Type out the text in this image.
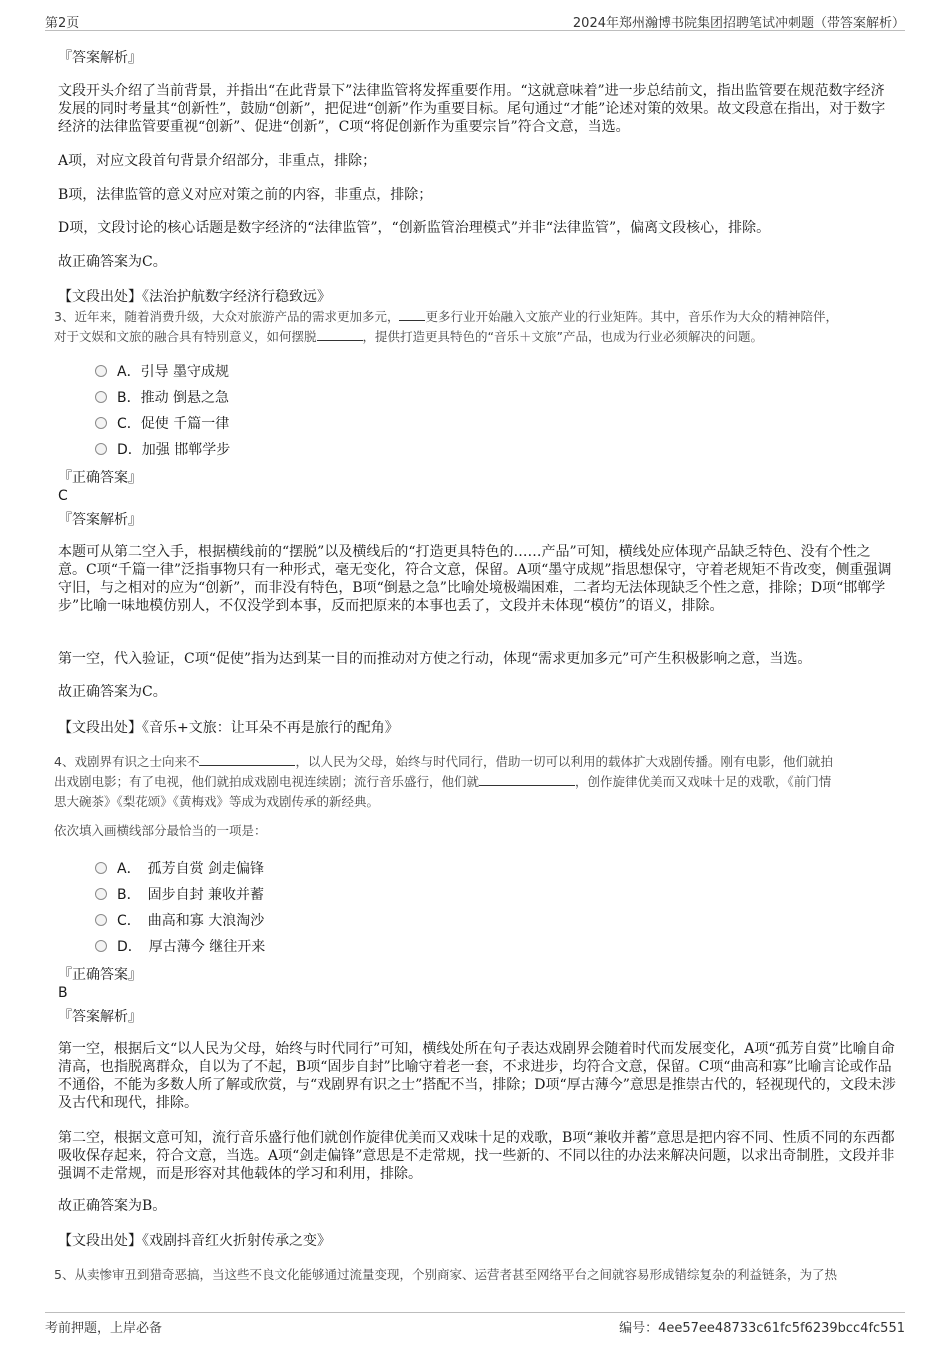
第2页	2024年郑州瀚博书院集团招聘笔试冲刺题（带答案解析）
『答案解析』

文段开头介绍了当前背景，并指出“在此背景下”法律监管将发挥重要作用。“这就意味着”进一步总结前文，指出监管要在规范数字经济发展的同时考量其“创新性”，鼓励“创新”，把促进“创新”作为重要目标。尾句通过“才能”论述对策的效果。故文段意在指出，对于数字经济的法律监管要重视“创新”、促进“创新”，C项“将促创新作为重要宗旨”符合文意，当选。

A项，对应文段首句背景介绍部分，非重点，排除；

B项，法律监管的意义对应对策之前的内容，非重点，排除；

D项，文段讨论的核心话题是数字经济的“法律监管”，“创新监管治理模式”并非“法律监管”，偏离文段核心，排除。

故正确答案为C。

【文段出处】《法治护航数字经济行稳致远》
3、近年来，随着消费升级，大众对旅游产品的需求更加多元， 更多行业开始融入文旅产业的行业矩阵。其中，音乐作为大众的精神陪伴，
对于文娱和文旅的融合具有特别意义，如何摆脱	，提供打造更具特色的“音乐＋文旅”产品，也成为行业必须解决的问题。
A．引导 墨守成规
B．推动 倒悬之急
C．促使 千篇一律
D．加强 邯郸学步
『正确答案』
C
『答案解析』

本题可从第二空入手，根据横线前的“摆脱”以及横线后的“打造更具特色的……产品”可知，横线处应体现产品缺乏特色、没有个性之意。C项“千篇一律”泛指事物只有一种形式，毫无变化，符合文意，保留。A项“墨守成规”指思想保守，守着老规矩不肯改变，侧重强调守旧，与之相对的应为“创新”，而非没有特色，B项“倒悬之急”比喻处境极端困难，二者均无法体现缺乏个性之意，排除；D项“邯郸学步”比喻一味地模仿别人，不仅没学到本事，反而把原来的本事也丢了，文段并未体现“模仿”的语义，排除。

第一空，代入验证，C项“促使”指为达到某一目的而推动对方使之行动，体现“需求更加多元”可产生积极影响之意，当选。

故正确答案为C。

【文段出处】《音乐+文旅：让耳朵不再是旅行的配角》
4、戏剧界有识之士向来不	，以人民为父母，始终与时代同行，借助一切可以利用的载体扩大戏剧传播。刚有电影，他们就拍
出戏剧电影；有了电视，他们就拍成戏剧电视连续剧；流行音乐盛行，他们就	，创作旋律优美而又戏味十足的戏歌，《前门情
思大碗茶》《梨花颂》《黄梅戏》等成为戏剧传承的新经典。
依次填入画横线部分最恰当的一项是：
A．　孤芳自赏 剑走偏锋
B．　固步自封 兼收并蓄
C．　曲高和寡 大浪淘沙
D．　厚古薄今 继往开来
『正确答案』
B
『答案解析』

第一空，根据后文“以人民为父母，始终与时代同行”可知，横线处所在句子表达戏剧界会随着时代而发展变化，A项“孤芳自赏”比喻自命清高，也指脱离群众，自以为了不起，B项“固步自封”比喻守着老一套，不求进步，均符合文意，保留。C项“曲高和寡”比喻言论或作品不通俗，不能为多数人所了解或欣赏，与“戏剧界有识之士”搭配不当，排除；D项“厚古薄今”意思是推崇古代的，轻视现代的，文段未涉及古代和现代，排除。

第二空，根据文意可知，流行音乐盛行他们就创作旋律优美而又戏味十足的戏歌，B项“兼收并蓄”意思是把内容不同、性质不同的东西都吸收保存起来，符合文意，当选。A项“剑走偏锋”意思是不走常规，找一些新的、不同以往的办法来解决问题，以求出奇制胜，文段并非强调不走常规，而是形容对其他载体的学习和利用，排除。

故正确答案为B。

【文段出处】《戏剧抖音红火折射传承之变》
5、从卖惨审丑到猎奇恶搞，当这些不良文化能够通过流量变现，个别商家、运营者甚至网络平台之间就容易形成错综复杂的利益链条，为了热
考前押题，上岸必备	编号：4ee57ee48733c61fc5f6239bcc4fc551
